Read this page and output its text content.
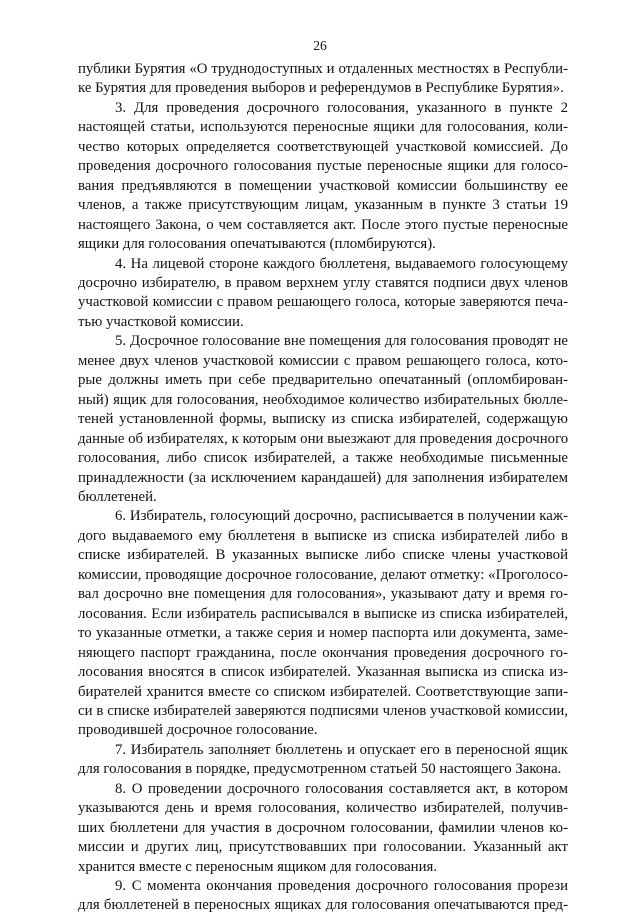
26
публики Бурятия «О труднодоступных и отдаленных местностях в Республи-
ке Бурятия для проведения выборов и референдумов в Республике Бурятия».
3. Для проведения досрочного голосования, указанного в пункте 2
настоящей статьи, используются переносные ящики для голосования, коли-
чество которых определяется соответствующей участковой комиссией. До
проведения досрочного голосования пустые переносные ящики для голосо-
вания предъявляются в помещении участковой комиссии большинству ее
членов, а также присутствующим лицам, указанным в пункте 3 статьи 19
настоящего Закона, о чем составляется акт. После этого пустые переносные
ящики для голосования опечатываются (пломбируются).
4. На лицевой стороне каждого бюллетеня, выдаваемого голосующему
досрочно избирателю, в правом верхнем углу ставятся подписи двух членов
участковой комиссии с правом решающего голоса, которые заверяются печа-
тью участковой комиссии.
5. Досрочное голосование вне помещения для голосования проводят не
менее двух членов участковой комиссии с правом решающего голоса, кото-
рые должны иметь при себе предварительно опечатанный (опломбирован-
ный) ящик для голосования, необходимое количество избирательных бюлле-
теней установленной формы, выписку из списка избирателей, содержащую
данные об избирателях, к которым они выезжают для проведения досрочного
голосования, либо список избирателей, а также необходимые письменные
принадлежности (за исключением карандашей) для заполнения избирателем
бюллетеней.
6. Избиратель, голосующий досрочно, расписывается в получении каж-
дого выдаваемого ему бюллетеня в выписке из списка избирателей либо в
списке избирателей. В указанных выписке либо списке члены участковой
комиссии, проводящие досрочное голосование, делают отметку: «Проголосо-
вал досрочно вне помещения для голосования», указывают дату и время го-
лосования. Если избиратель расписывался в выписке из списка избирателей,
то указанные отметки, а также серия и номер паспорта или документа, заме-
няющего паспорт гражданина, после окончания проведения досрочного го-
лосования вносятся в список избирателей. Указанная выписка из списка из-
бирателей хранится вместе со списком избирателей. Соответствующие запи-
си в списке избирателей заверяются подписями членов участковой комиссии,
проводившей досрочное голосование.
7. Избиратель заполняет бюллетень и опускает его в переносной ящик
для голосования в порядке, предусмотренном статьей 50 настоящего Закона.
8. О проведении досрочного голосования составляется акт, в котором
указываются день и время голосования, количество избирателей, получив-
ших бюллетени для участия в досрочном голосовании, фамилии членов ко-
миссии и других лиц, присутствовавших при голосовании. Указанный акт
хранится вместе с переносным ящиком для голосования.
9. С момента окончания проведения досрочного голосования прорези
для бюллетеней в переносных ящиках для голосования опечатываются пред-
